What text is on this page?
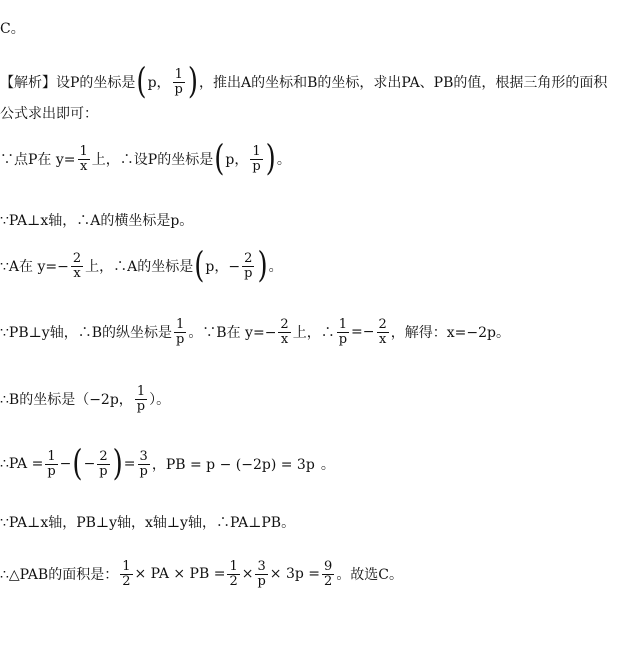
C。
【解析】设P的坐标是 ( p， $\frac{1}{p}$ ) ，推出A的坐标和B的坐标，求出PA、PB的值，根据三角形的面积
公式求出即可：
∵点P在 $y= \frac{1}{x}$ 上，∴设P的坐标是 ( p， $\frac{1}{p}$ ) 。
∵PA⊥x轴，∴A的横坐标是p。
∵A在 $y=- \frac{2}{x}$ 上，∴A的坐标是 ( p，− $\frac{2}{p}$ ) 。
∵PB⊥y轴，∴B的纵坐标是 $\frac{1}{p}$ 。∵B在 $y=- \frac{2}{x}$ 上，∴ $\frac{1}{p} =- \frac{2}{x}$ ，解得：x=−2p。
∴B的坐标是（−2p， $\frac{1}{p}$ ）。
∴PA = $\frac{1}{p}$ − ( − $\frac{2}{p}$ ) = $\frac{3}{p}$ ，PB = p − (−2p) = 3p 。
∵PA⊥x轴，PB⊥y轴，x轴⊥y轴，∴PA⊥PB。
∴△PAB的面积是： $\frac{1}{2}$ × PA × PB = $\frac{1}{2} \times \frac{3}{p} \times 3p = \frac{9}{2}$ 。故选C。
